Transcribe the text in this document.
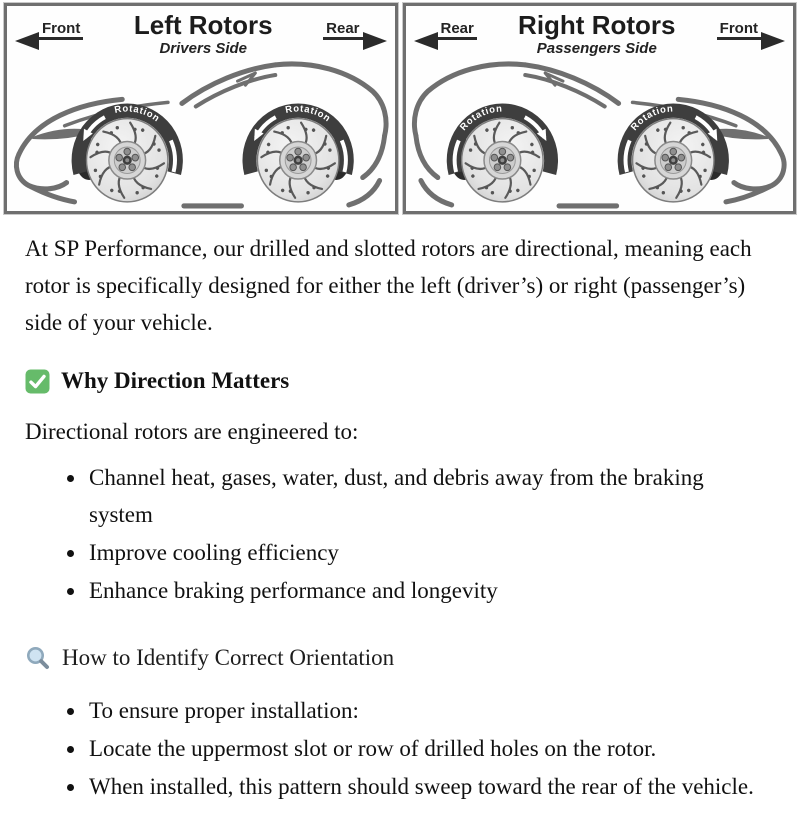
Front	Left Rotors
Drivers Side
Rear
Rotation
Rotation
Rear	Right Rotors
Passengers Side
Front
Rotation
Rotation

At SP Performance, our drilled and slotted rotors are directional, meaning each rotor is specifically designed for either the left (driver’s) or right (passenger’s) side of your vehicle.

Why Direction Matters

Directional rotors are engineered to:

• Channel heat, gases, water, dust, and debris away from the braking system
• Improve cooling efficiency
• Enhance braking performance and longevity
How to Identify Correct Orientation
• To ensure proper installation:
• Locate the uppermost slot or row of drilled holes on the rotor.
• When installed, this pattern should sweep toward the rear of the vehicle.
